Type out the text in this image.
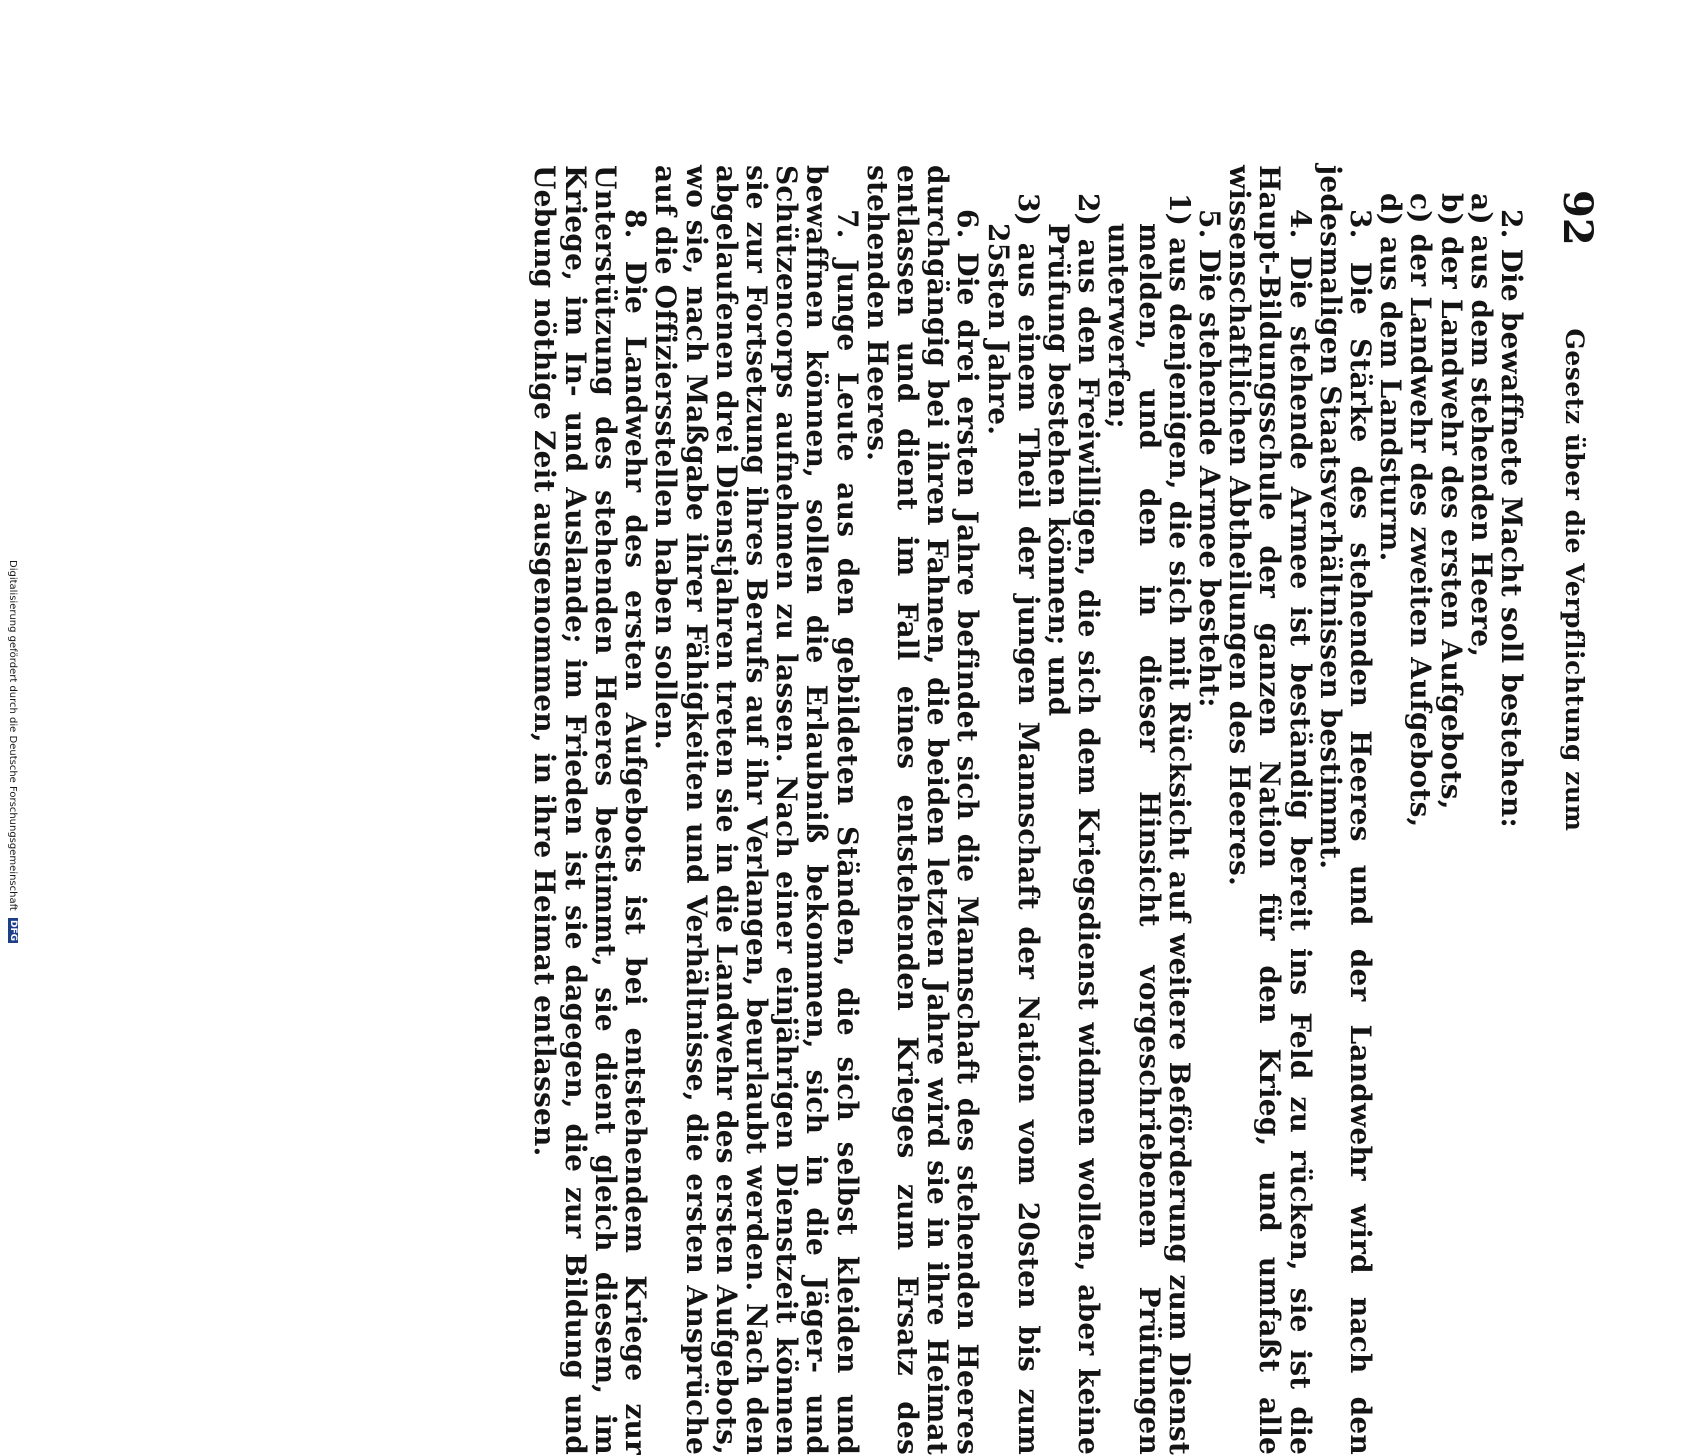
92
Gesetz über die Verpflichtung zum

2. Die bewaffnete Macht soll bestehen:

a) aus dem stehenden Heere,

b) der Landwehr des ersten Aufgebots,

c) der Landwehr des zweiten Aufgebots,

d) aus dem Landsturm.

3. Die Stärke des stehenden Heeres und der Landwehr wird nach den jedesmaligen Staatsverhältnissen bestimmt.

4. Die stehende Armee ist beständig bereit ins Feld zu rücken, sie ist die Haupt-Bildungsschule der ganzen Nation für den Krieg, und umfaßt alle wissenschaftlichen Abtheilungen des Heeres.

5. Die stehende Armee besteht:

1) aus denjenigen, die sich mit Rücksicht auf weitere Beförderung zum Dienst melden, und den in dieser Hinsicht vorgeschriebenen Prüfungen unterwerfen;

2) aus den Freiwilligen, die sich dem Kriegsdienst widmen wollen, aber keine Prüfung bestehen können; und

3) aus einem Theil der jungen Mannschaft der Nation vom 20sten bis zum 25sten Jahre.

6. Die drei ersten Jahre befindet sich die Mannschaft des stehenden Heeres durchgängig bei ihren Fahnen, die beiden letzten Jahre wird sie in ihre Heimat entlassen und dient im Fall eines entstehenden Krieges zum Ersatz des stehenden Heeres.

7. Junge Leute aus den gebildeten Ständen, die sich selbst kleiden und bewaffnen können, sollen die Erlaubniß bekommen, sich in die Jäger- und Schützencorps aufnehmen zu lassen. Nach einer einjährigen Dienstzeit können sie zur Fortsetzung ihres Berufs auf ihr Verlangen, beurlaubt werden. Nach den abgelaufenen drei Dienstjahren treten sie in die Landwehr des ersten Aufgebots, wo sie, nach Maßgabe ihrer Fähigkeiten und Verhältnisse, die ersten Ansprüche auf die Offiziersstellen haben sollen.

8. Die Landwehr des ersten Aufgebots ist bei entstehendem Kriege zur Unterstützung des stehenden Heeres bestimmt, sie dient gleich diesem, im Kriege, im In- und Auslande; im Frieden ist sie dagegen, die zur Bildung und Uebung nöthige Zeit ausgenommen, in ihre Heimat entlassen.

Digitalisierung gefördert durch die Deutsche Forschungsgemeinschaft DFG
